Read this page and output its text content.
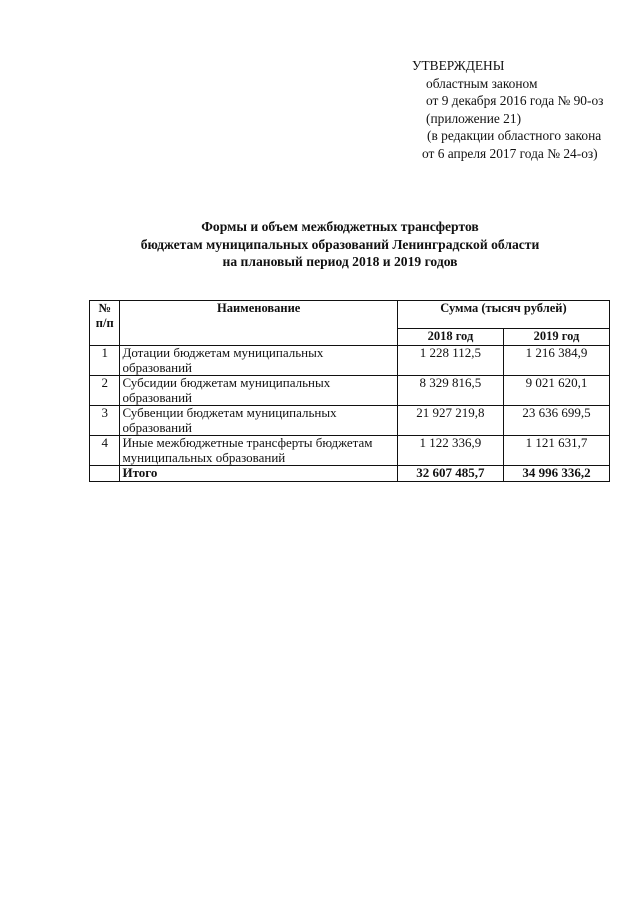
УТВЕРЖДЕНЫ
областным законом
от 9 декабря 2016 года № 90-оз
(приложение 21)
(в редакции областного закона
от 6 апреля 2017 года № 24-оз)
Формы и объем межбюджетных трансфертов
бюджетам муниципальных образований Ленинградской области
на плановый период 2018 и 2019 годов
№ п/п	Наименование	Сумма (тысяч рублей)	
		2018 год	2019 год
1	Дотации бюджетам муниципальных образований	1 228 112,5	1 216 384,9
2	Субсидии бюджетам муниципальных образований	8 329 816,5	9 021 620,1
3	Субвенции бюджетам муниципальных образований	21 927 219,8	23 636 699,5
4	Иные межбюджетные трансферты бюджетам муниципальных образований	1 122 336,9	1 121 631,7
	Итого	32 607 485,7	34 996 336,2
